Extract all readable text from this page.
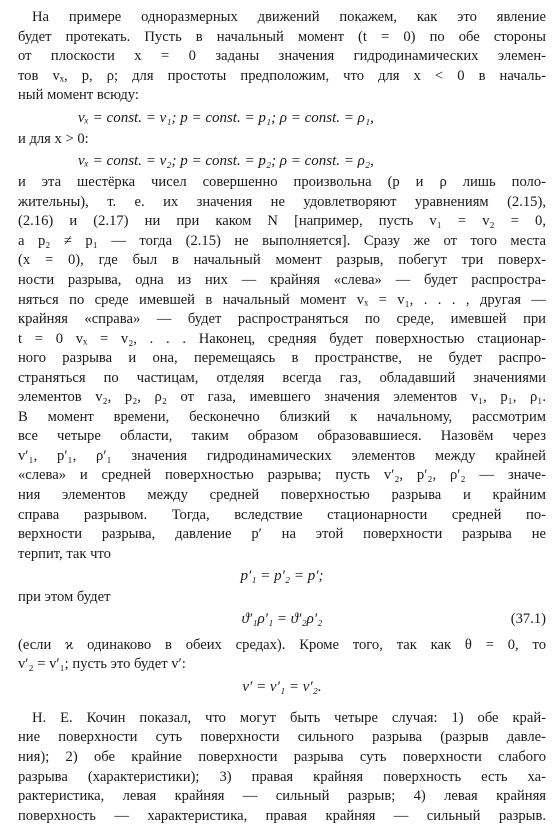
На примере одноразмерных движений покажем, как это явление
будет протекать. Пусть в начальный момент (t = 0) по обе стороны
от плоскости x = 0 заданы значения гидродинамических элемен-
тов vₓ, p, ρ; для простоты предположим, что для x < 0 в началь-
ный момент всюду:
vₓ = const. = v₁; p = const. = p₁; ρ = const. = ρ₁,
и для x > 0:
vₓ = const. = v₂; p = const. = p₂; ρ = const. = ρ₂,
и эта шестёрка чисел совершенно произвольна (p и ρ лишь поло-
жительны), т. е. их значения не удовлетворяют уравнениям (2.15),
(2.16) и (2.17) ни при каком N [например, пусть v₁ = v₂ = 0,
а p₂ ≠ p₁ — тогда (2.15) не выполняется]. Сразу же от того места
(x = 0), где был в начальный момент разрыв, побегут три поверх-
ности разрыва, одна из них — крайняя «слева» — будет распростра-
няться по среде имевшей в начальный момент vₓ = v₁, . . . , другая —
крайняя «справа» — будет распространяться по среде, имевшей при
t = 0 vₓ = v₂, . . . Наконец, средняя будет поверхностью стационар-
ного разрыва и она, перемещаясь в пространстве, не будет распро-
страняться по частицам, отделяя всегда газ, обладавший значениями
элементов v₂, p₂, ρ₂ от газа, имевшего значения элементов v₁, p₁, ρ₁.
В момент времени, бесконечно близкий к начальному, рассмотрим
все четыре области, таким образом образовавшиеся. Назовём через
v′₁, p′₁, ρ′₁ значения гидродинамических элементов между крайней
«слева» и средней поверхностью разрыва; пусть v′₂, p′₂, ρ′₂ — значе-
ния элементов между средней поверхностью разрыва и крайним
справа разрывом. Тогда, вследствие стационарности средней по-
верхности разрыва, давление p′ на этой поверхности разрыва не
терпит, так что
p′₁ = p′₂ = p′;
при этом будет
ϑ′₁ρ′₁ = ϑ′₂ρ′₂	(37.1)
(если ϰ одинаково в обеих средах). Кроме того, так как θ = 0, то
v′₂ = v′₁; пусть это будет v′:
v′ = v′₁ = v′₂.
Н. Е. Кочин показал, что могут быть четыре случая: 1) обе край-
ние поверхности суть поверхности сильного разрыва (разрыв давле-
ния); 2) обе крайние поверхности разрыва суть поверхности слабого
разрыва (характеристики); 3) правая крайняя поверхность есть ха-
рактеристика, левая крайняя — сильный разрыв; 4) левая крайняя
поверхность — характеристика, правая крайняя — сильный разрыв.
